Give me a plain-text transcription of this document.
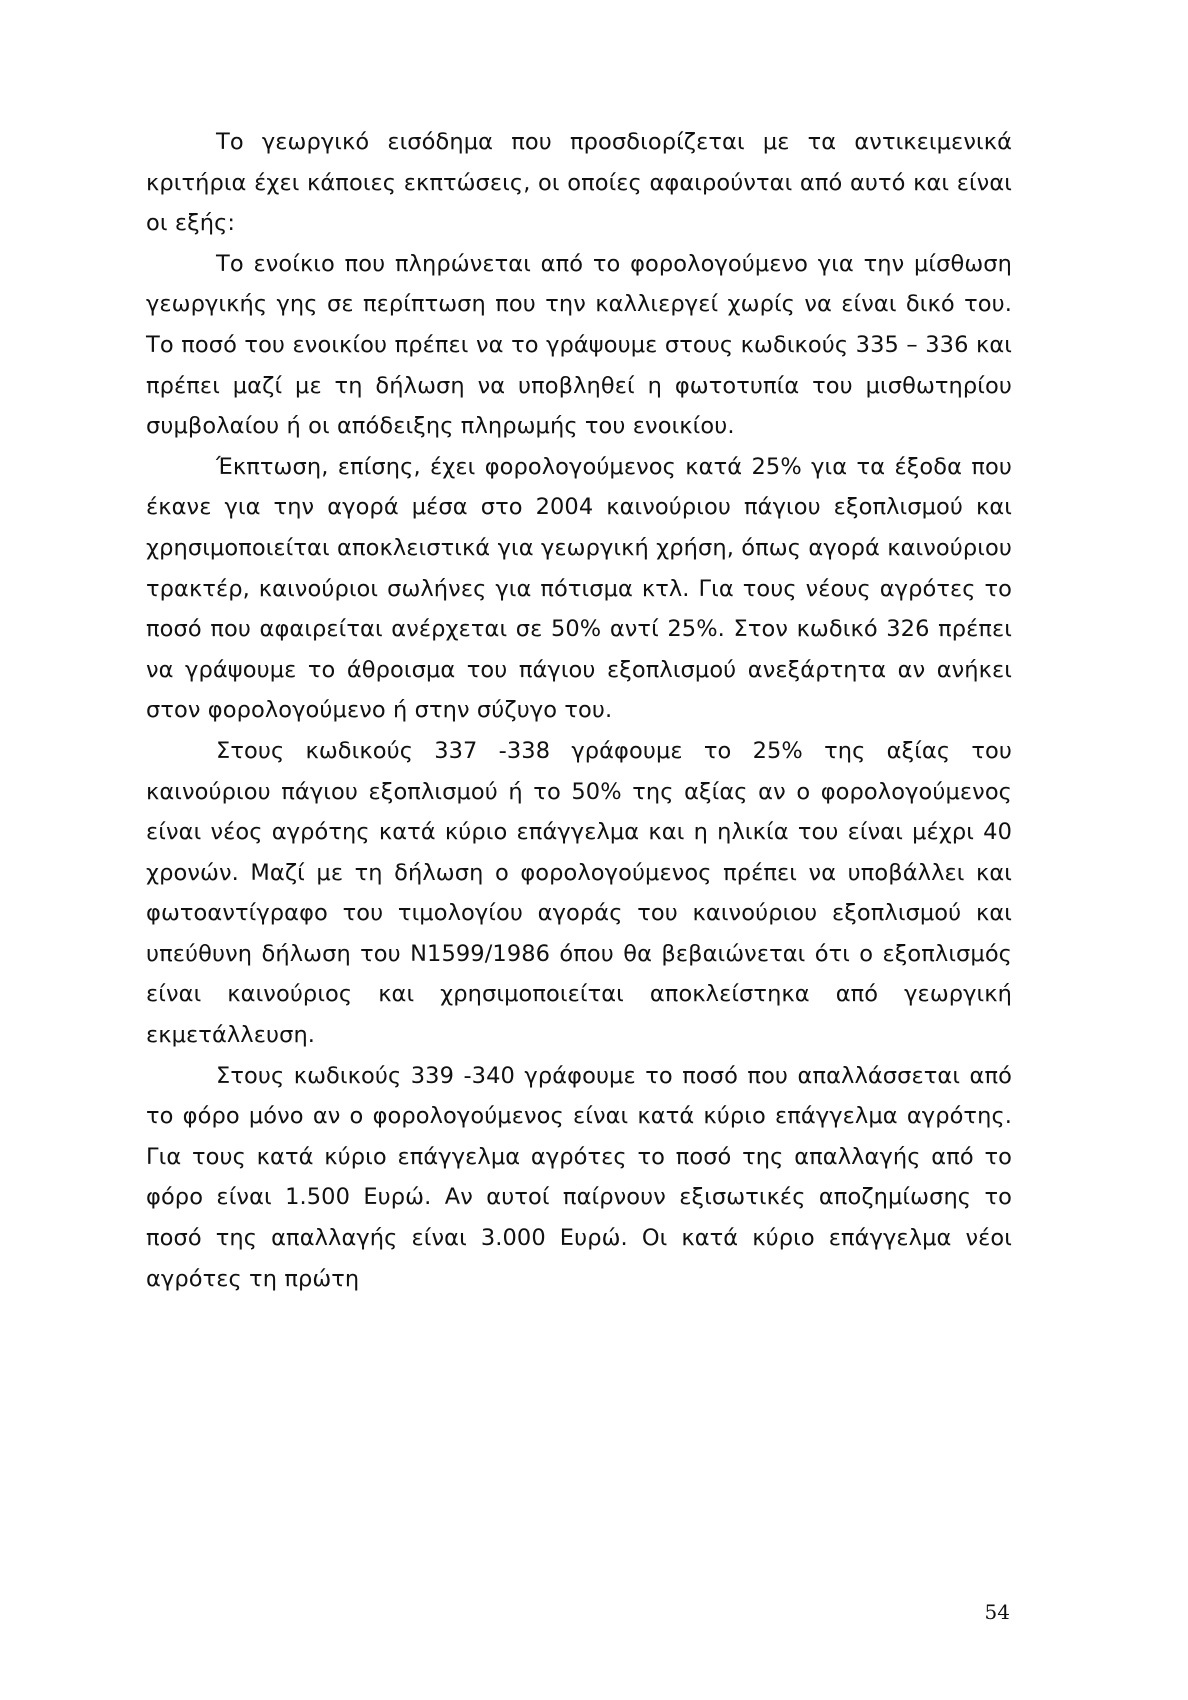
Το γεωργικό εισόδημα που προσδιορίζεται με τα αντικειμενικά κριτήρια έχει κάποιες εκπτώσεις, οι οποίες αφαιρούνται από αυτό και είναι οι εξής:

Το ενοίκιο που πληρώνεται από το φορολογούμενο για την μίσθωση γεωργικής γης σε περίπτωση που την καλλιεργεί χωρίς να είναι δικό του. Το ποσό του ενοικίου πρέπει να το γράψουμε στους κωδικούς 335 – 336 και πρέπει μαζί με τη δήλωση να υποβληθεί η φωτοτυπία του μισθωτηρίου συμβολαίου ή οι απόδειξης πληρωμής του ενοικίου.

Έκπτωση, επίσης, έχει φορολογούμενος κατά 25% για τα έξοδα που έκανε για την αγορά μέσα στο 2004 καινούριου πάγιου εξοπλισμού και χρησιμοποιείται αποκλειστικά για γεωργική χρήση, όπως αγορά καινούριου τρακτέρ, καινούριοι σωλήνες για πότισμα κτλ. Για τους νέους αγρότες το ποσό που αφαιρείται ανέρχεται σε 50% αντί 25%. Στον κωδικό 326 πρέπει να γράψουμε το άθροισμα του πάγιου εξοπλισμού ανεξάρτητα αν ανήκει στον φορολογούμενο ή στην σύζυγο του.

Στους κωδικούς 337 -338 γράφουμε το 25% της αξίας του καινούριου πάγιου εξοπλισμού ή το 50% της αξίας αν ο φορολογούμενος είναι νέος αγρότης κατά κύριο επάγγελμα και η ηλικία του είναι μέχρι 40 χρονών. Μαζί με τη δήλωση ο φορολογούμενος πρέπει να υποβάλλει και φωτοαντίγραφο του τιμολογίου αγοράς του καινούριου εξοπλισμού και υπεύθυνη δήλωση του Ν1599/1986 όπου θα βεβαιώνεται ότι ο εξοπλισμός είναι καινούριος και χρησιμοποιείται αποκλείστηκα από γεωργική εκμετάλλευση.

Στους κωδικούς 339 -340 γράφουμε το ποσό που απαλλάσσεται από το φόρο μόνο αν ο φορολογούμενος είναι κατά κύριο επάγγελμα αγρότης. Για τους κατά κύριο επάγγελμα αγρότες το ποσό της απαλλαγής από το φόρο είναι 1.500 Ευρώ. Αν αυτοί παίρνουν εξισωτικές αποζημίωσης το ποσό της απαλλαγής είναι 3.000 Ευρώ. Οι κατά κύριο επάγγελμα νέοι αγρότες τη πρώτη

54
